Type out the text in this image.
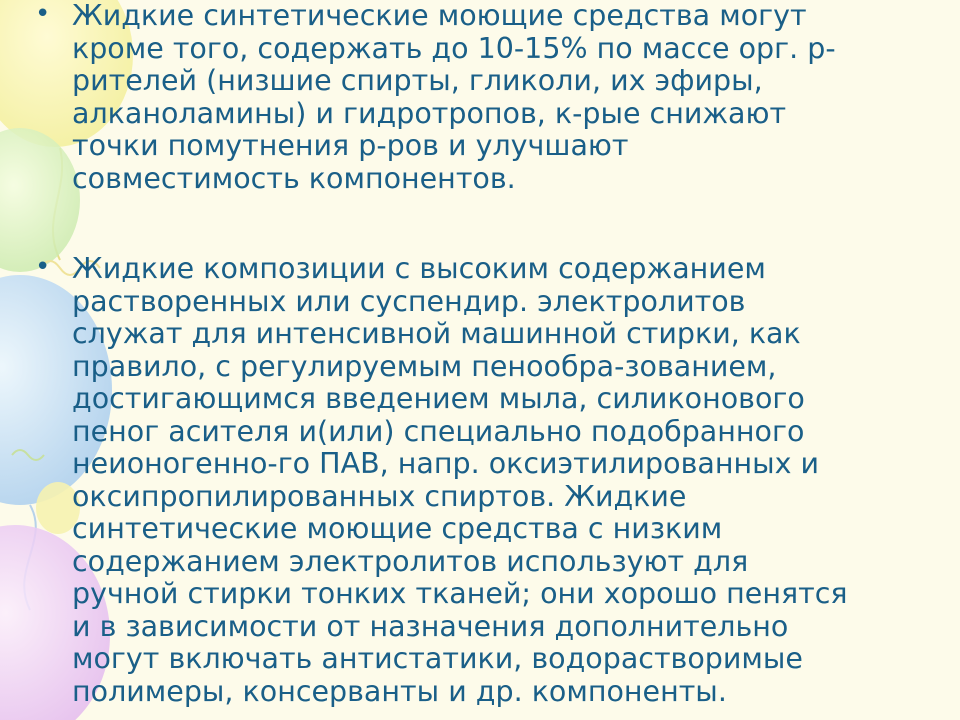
• Жидкие синтетические моющие средства могут
кроме того, содержать до 10-15% по массе орг. р-
рителей (низшие спирты, гликоли, их эфиры,
алканоламины) и гидротропов, к-рые снижают
точки помутнения р-ров и улучшают
совместимость компонентов.
• Жидкие композиции с высоким содержанием
растворенных или суспендир. электролитов
служат для интенсивной машинной стирки, как
правило, с регулируемым пенообра-зованием,
достигающимся введением мыла, силиконового
пеног асителя и(или) специально подобранного
неионогенно-го ПАВ, напр. оксиэтилированных и
оксипропилированных спиртов. Жидкие
синтетические моющие средства с низким
содержанием электролитов используют для
ручной стирки тонких тканей; они хорошо пенятся
и в зависимости от назначения дополнительно
могут включать антистатики, водорастворимые
полимеры, консерванты и др. компоненты.
